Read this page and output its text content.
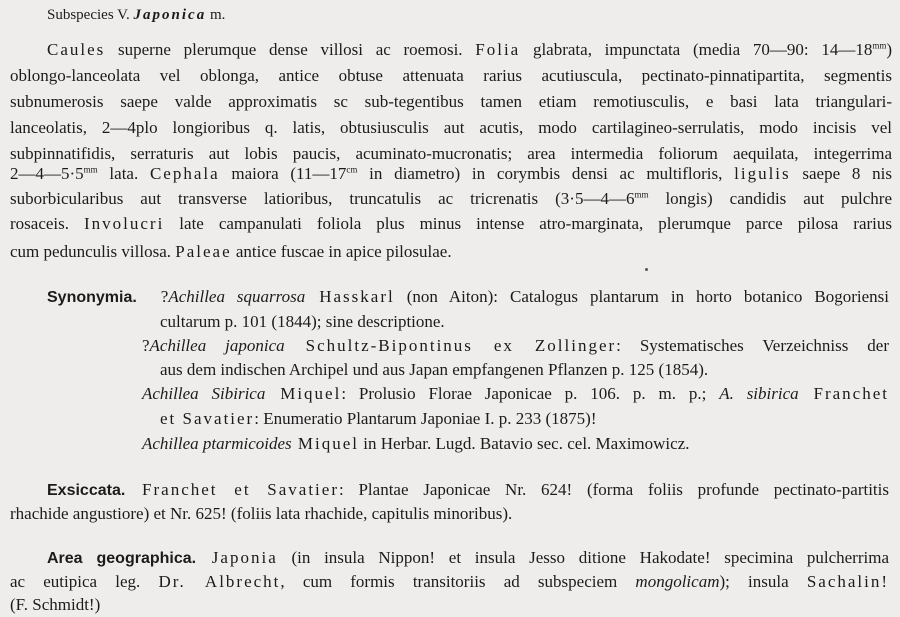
Subspecies V. Japonica m.
Caules superne plerumque dense villosi ac roemosi. Folia glabrata, impunctata (media 70—90: $14—18^{mm}$)
oblongo-lanceolata vel oblonga, antice obtuse attenuata rarius acutiuscula, pectinato-pinnatipartita, segmentis
subnumerosis saepe valde approximatis sc sub-tegentibus tamen etiam remotiusculis, e basi lata triangulari-
lanceolatis, 2—4plo longioribus q. latis, obtusiusculis aut acutis, modo cartilagineo-serrulatis, modo incisis vel
subpinnatifidis, serraturis aut lobis paucis, acuminato-mucronatis; area intermedia foliorum aequilata, integerrima
$2—4—5\cdot 5^{mm}$ lata. Cephala maiora ($11—17^{cm}$ in diametro) in corymbis densi ac multifloris, ligulis saepe 8 nis
suborbicularibus aut transverse latioribus, truncatulis ac tricrenatis ($3\cdot 5—4—6^{mm}$ longis) candidis aut pulchre
rosaceis. Involucri late campanulati foliola plus minus intense atro-marginata, plerumque parce pilosa rarius
cum pedunculis villosa. Paleae antice fuscae in apice pilosulae.
Synonymia. ?Achillea squarrosa Hasskarl (non Aiton): Catalogus plantarum in horto botanico Bogoriensi
cultarum p. 101 (1844); sine descriptione.
?Achillea japonica Schultz-Bipontinus ex Zollinger: Systematisches Verzeichniss der
aus dem indischen Archipel und aus Japan empfangenen Pflanzen p. 125 (1854).
Achillea Sibirica Miquel: Prolusio Florae Japonicae p. 106. p. m. p.; A. sibirica Franchet
et Savatier: Enumeratio Plantarum Japoniae I. p. 233 (1875)!
Achillea ptarmicoides Miquel in Herbar. Lugd. Batavio sec. cel. Maximowicz.
Exsiccata. Franchet et Savatier: Plantae Japonicae Nr. 624! (forma foliis profunde pectinato-partitis
rhachide angustiore) et Nr. 625! (foliis lata rhachide, capitulis minoribus).
Area geographica. Japonia (in insula Nippon! et insula Jesso ditione Hakodate! specimina pulcherrima
ac eutipica leg. Dr. Albrecht, cum formis transitoriis ad subspeciem mongolicam); insula Sachalin!
(F. Schmidt!)
